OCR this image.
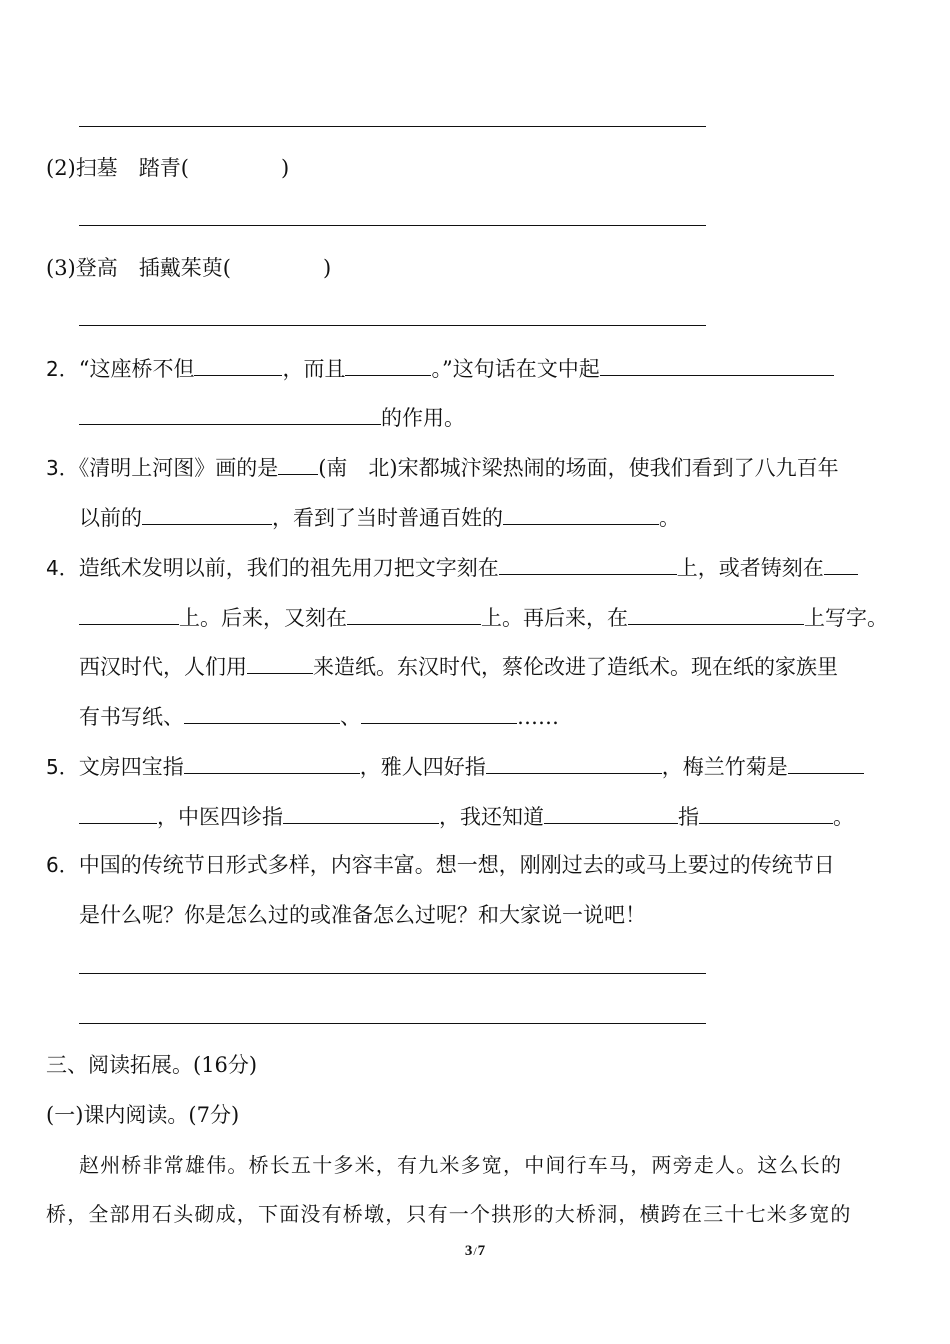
(2)扫墓　踏青(	)
(3)登高　插戴茱萸(	)
2．“这座桥不但	，而且	。”这句话在文中起
的作用。
3．《清明上河图》画的是 (南　北)宋都城汴梁热闹的场面，使我们看到了八九百年
以前的	，看到了当时普通百姓的	。
4．造纸术发明以前，我们的祖先用刀把文字刻在	上，或者铸刻在
上。后来，又刻在	上。再后来，在	上写字。
西汉时代，人们用	来造纸。东汉时代，蔡伦改进了造纸术。现在纸的家族里
有书写纸、	、	……
5．文房四宝指	，雅人四好指	，梅兰竹菊是
，中医四诊指	，我还知道	指	。
6．中国的传统节日形式多样，内容丰富。想一想，刚刚过去的或马上要过的传统节日
是什么呢？你是怎么过的或准备怎么过呢？和大家说一说吧！
三、阅读拓展。(16分)
(一)课内阅读。(7分)
赵州桥非常雄伟。桥长五十多米，有九米多宽，中间行车马，两旁走人。这么长的
桥，全部用石头砌成，下面没有桥墩，只有一个拱形的大桥洞，横跨在三十七米多宽的
3/7
